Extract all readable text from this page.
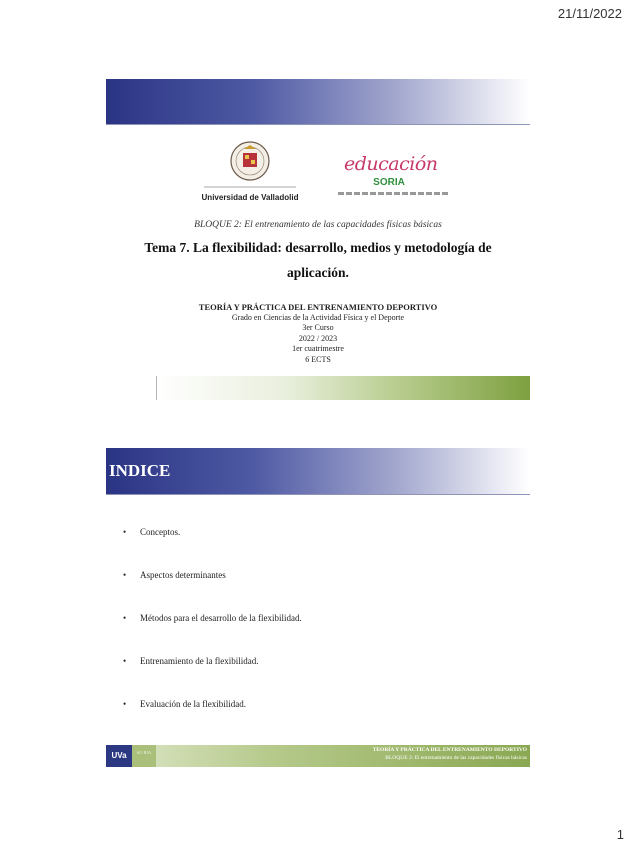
21/11/2022
Universidad de Valladolid
educación
SORIA
BLOQUE 2: El entrenamiento de las capacidades físicas básicas
Tema 7. La flexibilidad: desarrollo, medios y metodología de aplicación.
TEORÍA Y PRÁCTICA DEL ENTRENAMIENTO DEPORTIVO
Grado en Ciencias de la Actividad Física y el Deporte
3er Curso
2022 / 2023
1er cuatrimestre
6 ECTS
INDICE
• Conceptos.
• Aspectos determinantes
• Métodos para el desarrollo de la flexibilidad.
• Entrenamiento de la flexibilidad.
• Evaluación de la flexibilidad.
UVa	SO RIA	TEORÍA Y PRÁCTICA DEL ENTRENAMIENTO DEPORTIVO
BLOQUE 2: El entrenamiento de las capacidades físicas básicas
1
